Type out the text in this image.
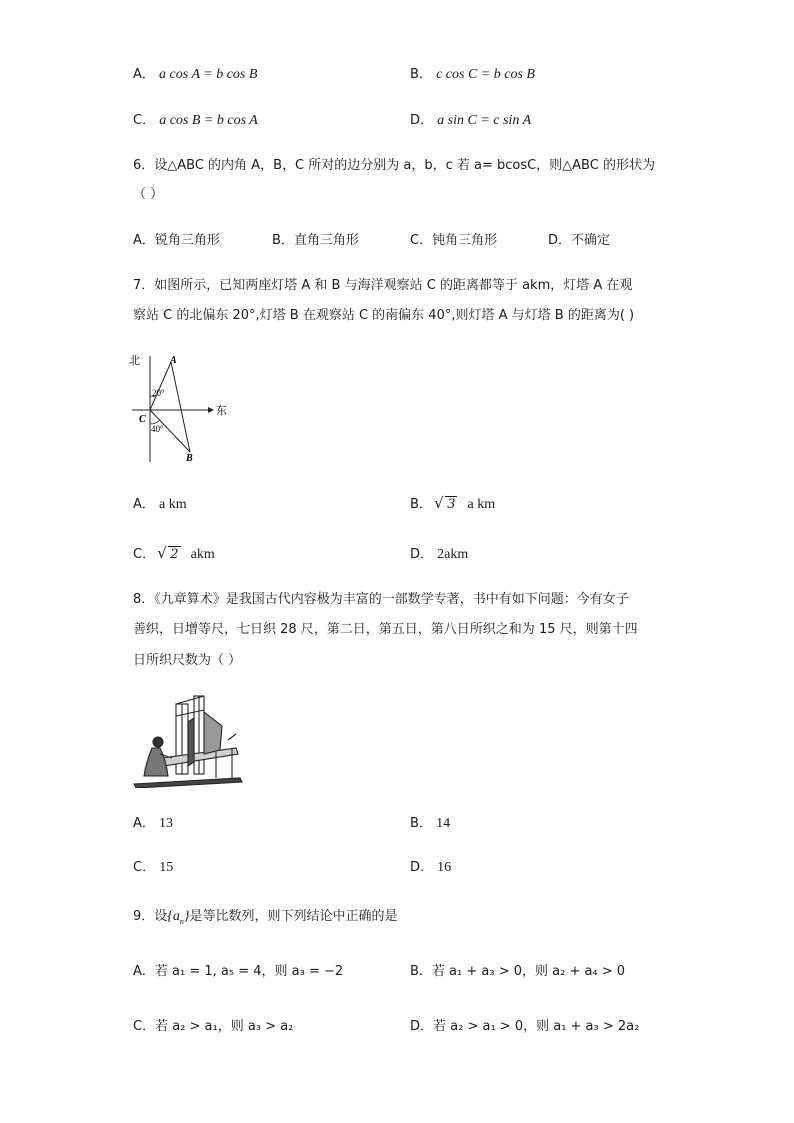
A． a cos A = b cos B	B． c cos C = b cos B
C． a cos B = b cos A	D． a sin C = c sin A
6．设△ABC 的内角 A，B，C 所对的边分别为 a，b，c 若 a= bcosC，则△ABC 的形状为
（ ）
A．锐角三角形	B．直角三角形	C．钝角三角形	D．不确定
7．如图所示，已知两座灯塔 A 和 B 与海洋观察站 C 的距离都等于 akm，灯塔 A 在观
察站 C 的北偏东 20°,灯塔 B 在观察站 C 的南偏东 40°,则灯塔 A 与灯塔 B 的距离为( )
北	A
20°
C
40°
东
B
A． a km	B． √ 3 a km
C． √ 2 akm	D． 2akm
8．《九章算术》是我国古代内容极为丰富的一部数学专著，书中有如下问题：今有女子
善织，日增等尺，七日织 28 尺，第二日，第五日，第八日所织之和为 15 尺，则第十四
日所织尺数为（ ）
A． 13	B． 14
C． 15	D． 16
9．设$\{a_n\}$是等比数列，则下列结论中正确的是
A．若 a₁ = 1, a₅ = 4，则 a₃ = −2	B．若 a₁ + a₃ > 0，则 a₂ + a₄ > 0
C．若 a₂ > a₁，则 a₃ > a₂	D．若 a₂ > a₁ > 0，则 a₁ + a₃ > 2a₂
